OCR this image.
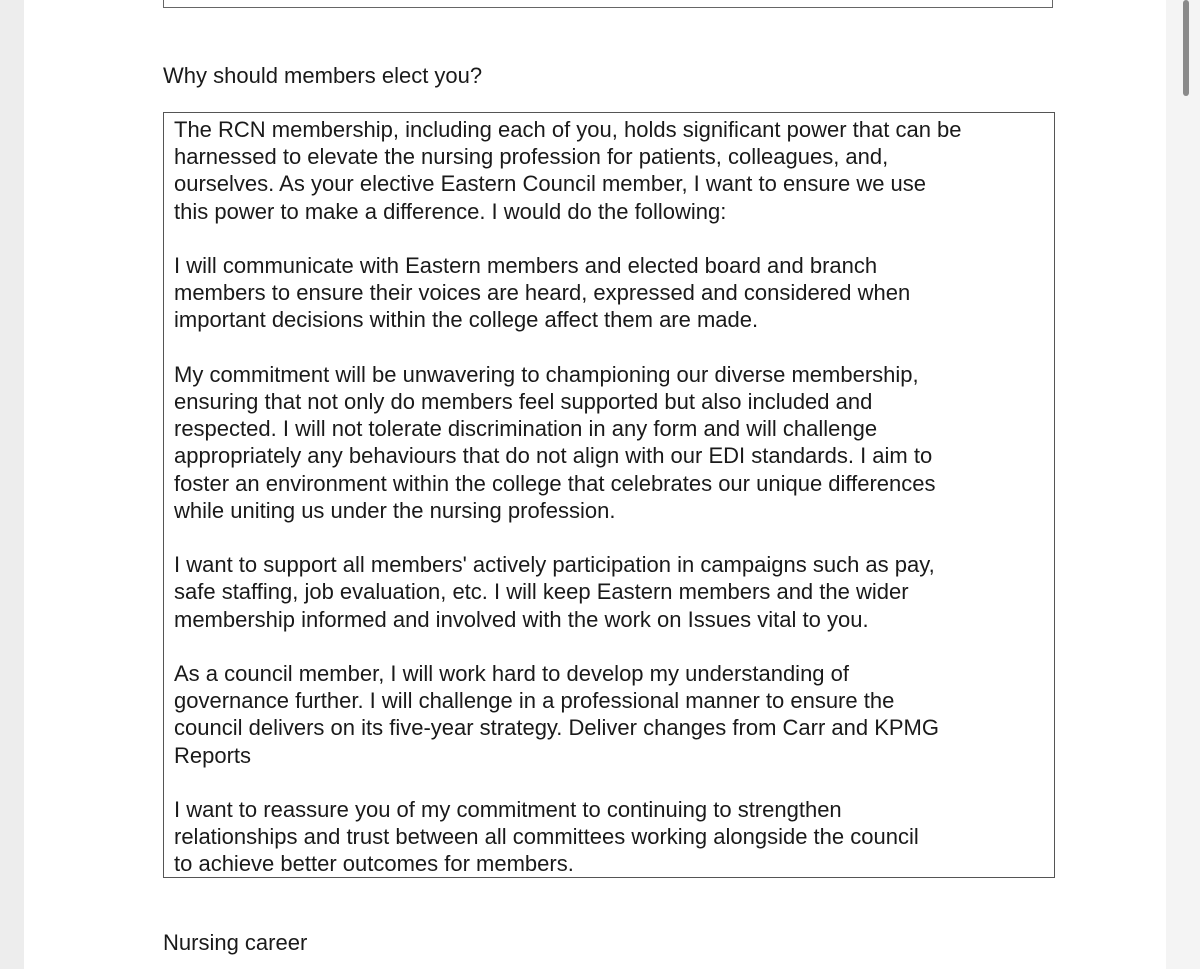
Why should members elect you?

The RCN membership, including each of you, holds significant power that can be
harnessed to elevate the nursing profession for patients, colleagues, and,
ourselves. As your elective Eastern Council member, I want to ensure we use
this power to make a difference. I would do the following:

I will communicate with Eastern members and elected board and branch
members to ensure their voices are heard, expressed and considered when
important decisions within the college affect them are made.

My commitment will be unwavering to championing our diverse membership,
ensuring that not only do members feel supported but also included and
respected. I will not tolerate discrimination in any form and will challenge
appropriately any behaviours that do not align with our EDI standards. I aim to
foster an environment within the college that celebrates our unique differences
while uniting us under the nursing profession.

I want to support all members' actively participation in campaigns such as pay,
safe staffing, job evaluation, etc. I will keep Eastern members and the wider
membership informed and involved with the work on Issues vital to you.

As a council member, I will work hard to develop my understanding of
governance further. I will challenge in a professional manner to ensure the
council delivers on its five-year strategy. Deliver changes from Carr and KPMG
Reports

I want to reassure you of my commitment to continuing to strengthen
relationships and trust between all committees working alongside the council
to achieve better outcomes for members.

Nursing career
